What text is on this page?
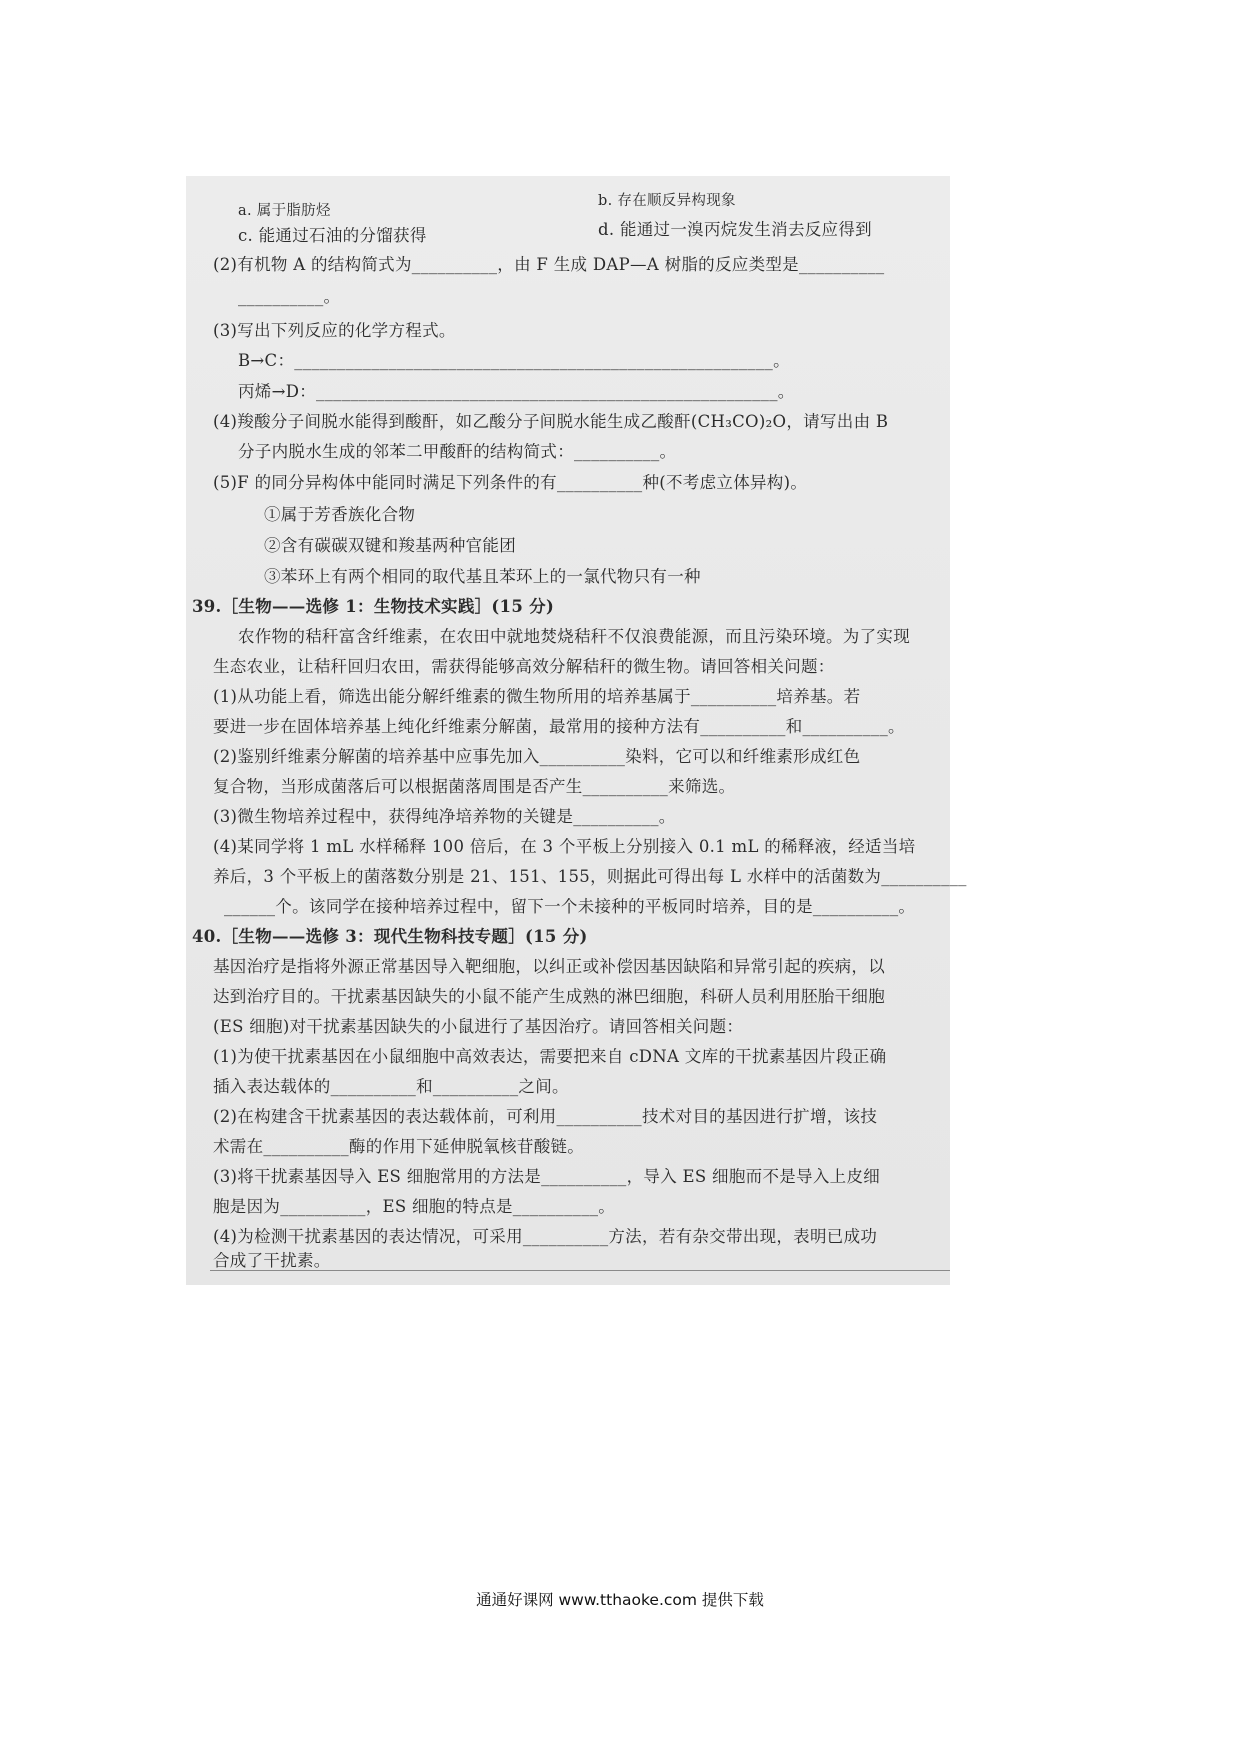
a. 属于脂肪烃
b. 存在顺反异构现象
c. 能通过石油的分馏获得	d. 能通过一溴丙烷发生消去反应得到
(2)有机物 A 的结构简式为__________，由 F 生成 DAP—A 树脂的反应类型是__________
__________。
(3)写出下列反应的化学方程式。
B→C：________________________________________________________。
丙烯→D：______________________________________________________。
(4)羧酸分子间脱水能得到酸酐，如乙酸分子间脱水能生成乙酸酐(CH₃CO)₂O，请写出由 B
分子内脱水生成的邻苯二甲酸酐的结构简式：__________。
(5)F 的同分异构体中能同时满足下列条件的有__________种(不考虑立体异构)。
①属于芳香族化合物
②含有碳碳双键和羧基两种官能团
③苯环上有两个相同的取代基且苯环上的一氯代物只有一种
39.［生物——选修 1：生物技术实践］(15 分)
农作物的秸秆富含纤维素，在农田中就地焚烧秸秆不仅浪费能源，而且污染环境。为了实现
生态农业，让秸秆回归农田，需获得能够高效分解秸秆的微生物。请回答相关问题：
(1)从功能上看，筛选出能分解纤维素的微生物所用的培养基属于__________培养基。若
要进一步在固体培养基上纯化纤维素分解菌，最常用的接种方法有__________和__________。
(2)鉴别纤维素分解菌的培养基中应事先加入__________染料，它可以和纤维素形成红色
复合物，当形成菌落后可以根据菌落周围是否产生__________来筛选。
(3)微生物培养过程中，获得纯净培养物的关键是__________。
(4)某同学将 1 mL 水样稀释 100 倍后，在 3 个平板上分别接入 0.1 mL 的稀释液，经适当培
养后，3 个平板上的菌落数分别是 21、151、155，则据此可得出每 L 水样中的活菌数为__________
______个。该同学在接种培养过程中，留下一个未接种的平板同时培养，目的是__________。
40.［生物——选修 3：现代生物科技专题］(15 分)
基因治疗是指将外源正常基因导入靶细胞，以纠正或补偿因基因缺陷和异常引起的疾病，以
达到治疗目的。干扰素基因缺失的小鼠不能产生成熟的淋巴细胞，科研人员利用胚胎干细胞
(ES 细胞)对干扰素基因缺失的小鼠进行了基因治疗。请回答相关问题：
(1)为使干扰素基因在小鼠细胞中高效表达，需要把来自 cDNA 文库的干扰素基因片段正确
插入表达载体的__________和__________之间。
(2)在构建含干扰素基因的表达载体前，可利用__________技术对目的基因进行扩增，该技
术需在__________酶的作用下延伸脱氧核苷酸链。
(3)将干扰素基因导入 ES 细胞常用的方法是__________，导入 ES 细胞而不是导入上皮细
胞是因为__________，ES 细胞的特点是__________。
(4)为检测干扰素基因的表达情况，可采用__________方法，若有杂交带出现，表明已成功
合成了干扰素。
通通好课网 www.tthaoke.com 提供下载
